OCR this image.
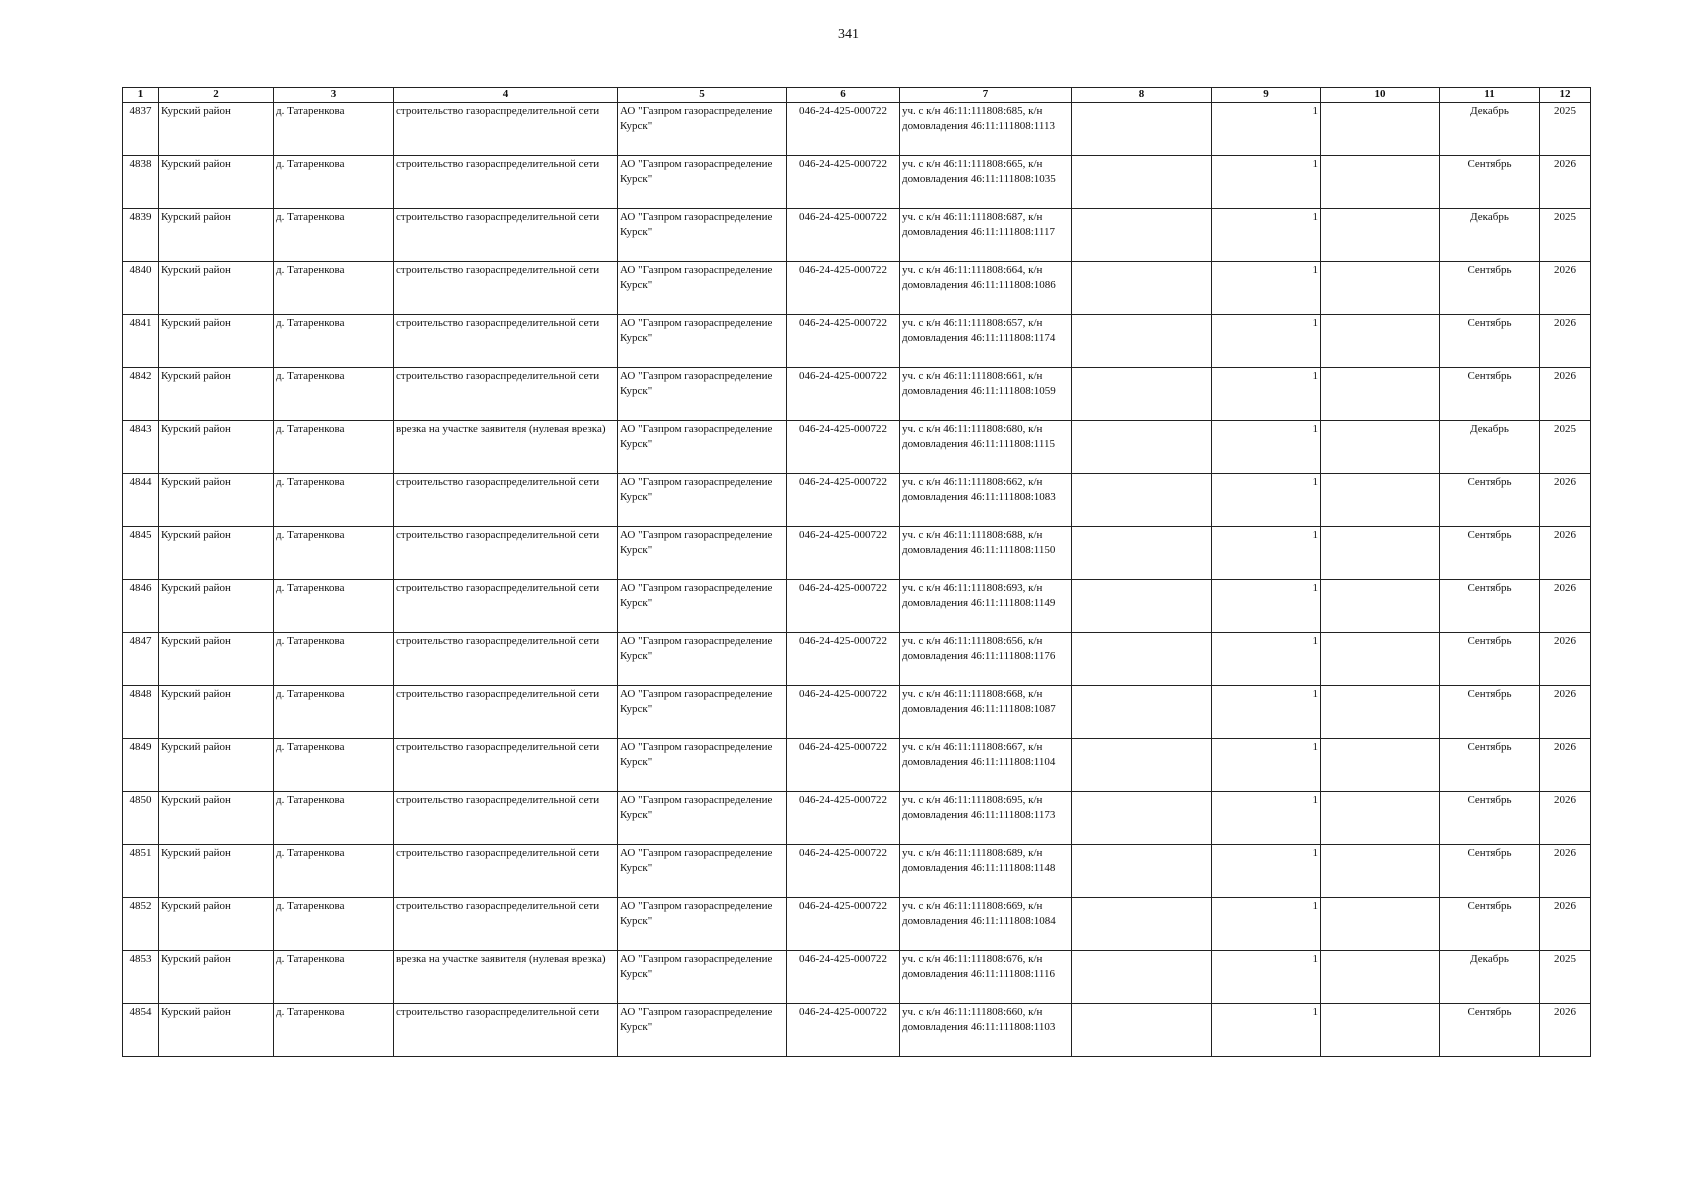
341
1	2	3	4	5	6	7	8	9	10	11	12
4837	Курский район	д. Татаренкова	строительство газораспределительной сети	АО "Газпром газораспределение Курск"	046-24-425-000722	уч. с к/н 46:11:111808:685, к/н домовладения 46:11:111808:1113		1		Декабрь	2025
4838	Курский район	д. Татаренкова	строительство газораспределительной сети	АО "Газпром газораспределение Курск"	046-24-425-000722	уч. с к/н 46:11:111808:665, к/н домовладения 46:11:111808:1035		1		Сентябрь	2026
4839	Курский район	д. Татаренкова	строительство газораспределительной сети	АО "Газпром газораспределение Курск"	046-24-425-000722	уч. с к/н 46:11:111808:687, к/н домовладения 46:11:111808:1117		1		Декабрь	2025
4840	Курский район	д. Татаренкова	строительство газораспределительной сети	АО "Газпром газораспределение Курск"	046-24-425-000722	уч. с к/н 46:11:111808:664, к/н домовладения 46:11:111808:1086		1		Сентябрь	2026
4841	Курский район	д. Татаренкова	строительство газораспределительной сети	АО "Газпром газораспределение Курск"	046-24-425-000722	уч. с к/н 46:11:111808:657, к/н домовладения 46:11:111808:1174		1		Сентябрь	2026
4842	Курский район	д. Татаренкова	строительство газораспределительной сети	АО "Газпром газораспределение Курск"	046-24-425-000722	уч. с к/н 46:11:111808:661, к/н домовладения 46:11:111808:1059		1		Сентябрь	2026
4843	Курский район	д. Татаренкова	врезка на участке заявителя (нулевая врезка)	АО "Газпром газораспределение Курск"	046-24-425-000722	уч. с к/н 46:11:111808:680, к/н домовладения 46:11:111808:1115		1		Декабрь	2025
4844	Курский район	д. Татаренкова	строительство газораспределительной сети	АО "Газпром газораспределение Курск"	046-24-425-000722	уч. с к/н 46:11:111808:662, к/н домовладения 46:11:111808:1083		1		Сентябрь	2026
4845	Курский район	д. Татаренкова	строительство газораспределительной сети	АО "Газпром газораспределение Курск"	046-24-425-000722	уч. с к/н 46:11:111808:688, к/н домовладения 46:11:111808:1150		1		Сентябрь	2026
4846	Курский район	д. Татаренкова	строительство газораспределительной сети	АО "Газпром газораспределение Курск"	046-24-425-000722	уч. с к/н 46:11:111808:693, к/н домовладения 46:11:111808:1149		1		Сентябрь	2026
4847	Курский район	д. Татаренкова	строительство газораспределительной сети	АО "Газпром газораспределение Курск"	046-24-425-000722	уч. с к/н 46:11:111808:656, к/н домовладения 46:11:111808:1176		1		Сентябрь	2026
4848	Курский район	д. Татаренкова	строительство газораспределительной сети	АО "Газпром газораспределение Курск"	046-24-425-000722	уч. с к/н 46:11:111808:668, к/н домовладения 46:11:111808:1087		1		Сентябрь	2026
4849	Курский район	д. Татаренкова	строительство газораспределительной сети	АО "Газпром газораспределение Курск"	046-24-425-000722	уч. с к/н 46:11:111808:667, к/н домовладения 46:11:111808:1104		1		Сентябрь	2026
4850	Курский район	д. Татаренкова	строительство газораспределительной сети	АО "Газпром газораспределение Курск"	046-24-425-000722	уч. с к/н 46:11:111808:695, к/н домовладения 46:11:111808:1173		1		Сентябрь	2026
4851	Курский район	д. Татаренкова	строительство газораспределительной сети	АО "Газпром газораспределение Курск"	046-24-425-000722	уч. с к/н 46:11:111808:689, к/н домовладения 46:11:111808:1148		1		Сентябрь	2026
4852	Курский район	д. Татаренкова	строительство газораспределительной сети	АО "Газпром газораспределение Курск"	046-24-425-000722	уч. с к/н 46:11:111808:669, к/н домовладения 46:11:111808:1084		1		Сентябрь	2026
4853	Курский район	д. Татаренкова	врезка на участке заявителя (нулевая врезка)	АО "Газпром газораспределение Курск"	046-24-425-000722	уч. с к/н 46:11:111808:676, к/н домовладения 46:11:111808:1116		1		Декабрь	2025
4854	Курский район	д. Татаренкова	строительство газораспределительной сети	АО "Газпром газораспределение Курск"	046-24-425-000722	уч. с к/н 46:11:111808:660, к/н домовладения 46:11:111808:1103		1		Сентябрь	2026
